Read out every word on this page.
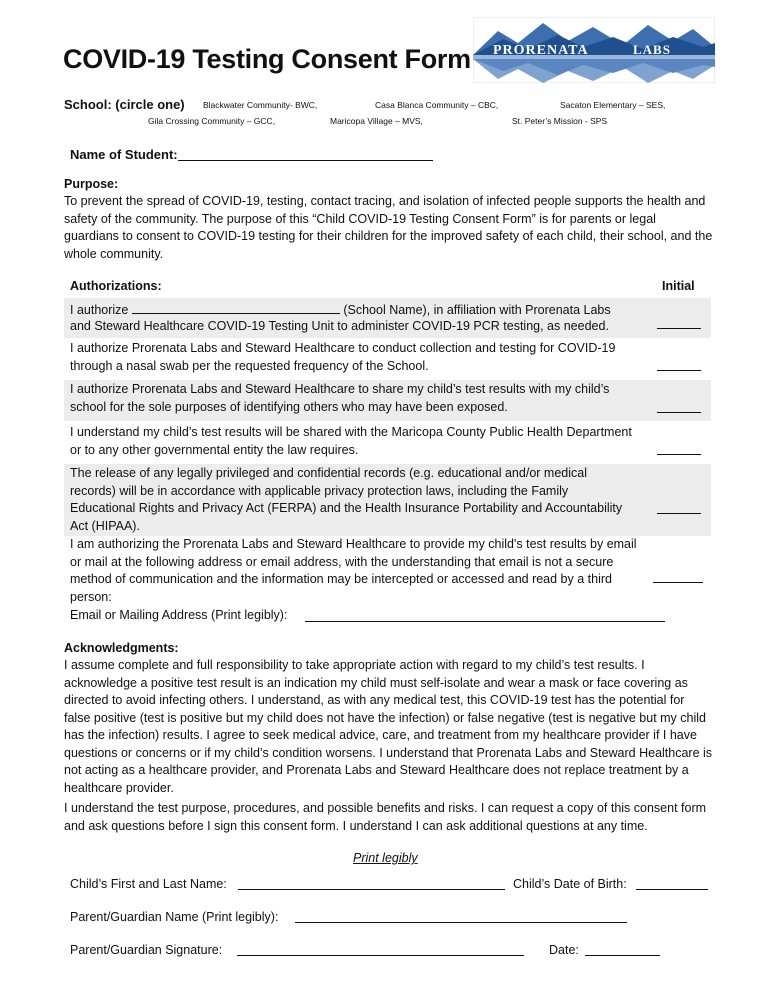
COVID-19 Testing Consent Form PRORENATA	LABS
School: (circle one) Blackwater Community- BWC,	Casa Blanca Community – CBC,	Sacaton Elementary – SES,
Gila Crossing Community – GCC,	Maricopa Village – MVS,	St. Peter’s Mission - SPS
Name of Student:
Purpose:
To prevent the spread of COVID-19, testing, contact tracing, and isolation of infected people supports the health and safety of the community. The purpose of this “Child COVID-19 Testing Consent Form” is for parents or legal guardians to consent to COVID-19 testing for their children for the improved safety of each child, their school, and the whole community.
Authorizations:	Initial
I authorize	(School Name), in affiliation with Prorenata Labs
and Steward Healthcare COVID-19 Testing Unit to administer COVID-19 PCR testing, as needed.
I authorize Prorenata Labs and Steward Healthcare to conduct collection and testing for COVID-19 through a nasal swab per the requested frequency of the School.
I authorize Prorenata Labs and Steward Healthcare to share my child’s test results with my child’s school for the sole purposes of identifying others who may have been exposed.
I understand my child’s test results will be shared with the Maricopa County Public Health Department or to any other governmental entity the law requires.
The release of any legally privileged and confidential records (e.g. educational and/or medical records) will be in accordance with applicable privacy protection laws, including the Family Educational Rights and Privacy Act (FERPA) and the Health Insurance Portability and Accountability Act (HIPAA).
I am authorizing the Prorenata Labs and Steward Healthcare to provide my child's test results by email or mail at the following address or email address, with the understanding that email is not a secure method of communication and the information may be intercepted or accessed and read by a third person:
Email or Mailing Address (Print legibly):
Acknowledgments:
I assume complete and full responsibility to take appropriate action with regard to my child’s test results. I acknowledge a positive test result is an indication my child must self-isolate and wear a mask or face covering as directed to avoid infecting others. I understand, as with any medical test, this COVID-19 test has the potential for false positive (test is positive but my child does not have the infection) or false negative (test is negative but my child has the infection) results. I agree to seek medical advice, care, and treatment from my healthcare provider if I have questions or concerns or if my child’s condition worsens. I understand that Prorenata Labs and Steward Healthcare is not acting as a healthcare provider, and Prorenata Labs and Steward Healthcare does not replace treatment by a healthcare provider.
I understand the test purpose, procedures, and possible benefits and risks. I can request a copy of this consent form and ask questions before I sign this consent form. I understand I can ask additional questions at any time.
Print legibly
Child’s First and Last Name:	Child’s Date of Birth:
Parent/Guardian Name (Print legibly):
Parent/Guardian Signature:	Date:
